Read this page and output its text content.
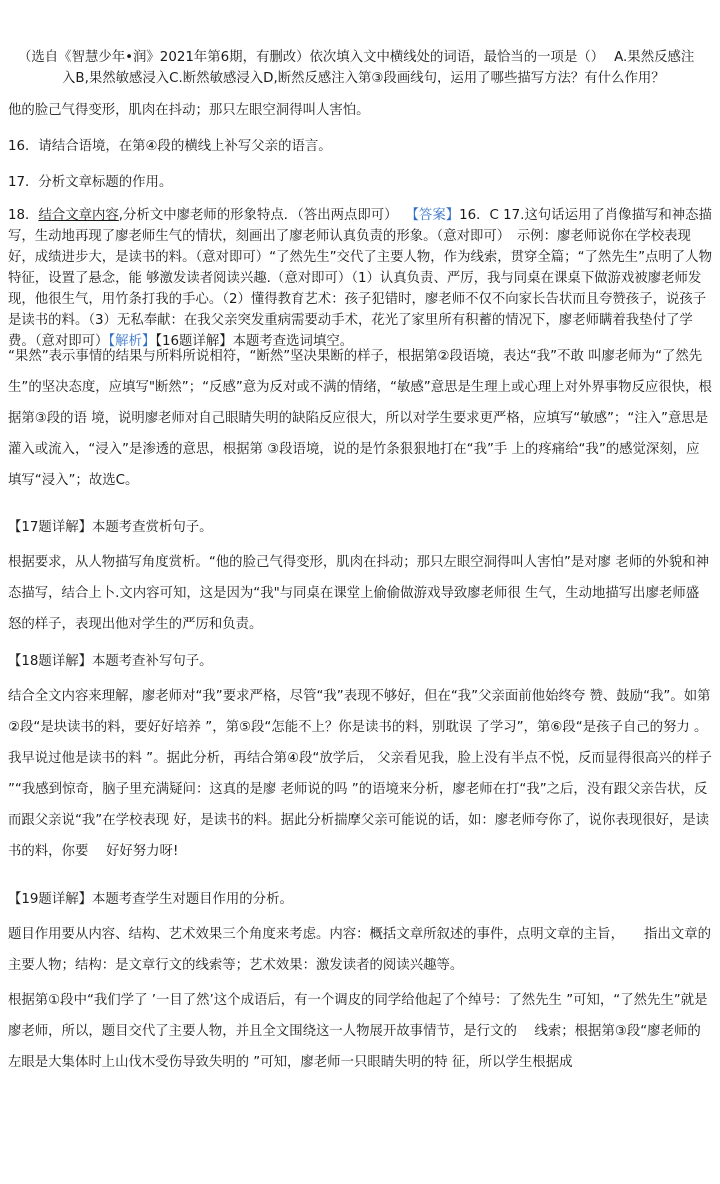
（选自《智慧少年•润》2021年第6期，有删改）依次填入文中横线处的词语，最恰当的一项是（） A.果然反感注
入B,果然敏感浸入C.断然敏感浸入D,断然反感注入第③段画线句，运用了哪些描写方法？有什么作用？

他的脸己气得变形，肌肉在抖动；那只左眼空洞得叫人害怕。

16．请结合语境，在第④段的横线上补写父亲的语言。

17．分析文章标题的作用。

18．结合文章内容,分析文中廖老师的形象特点．（答出两点即可） 【答案】16．C 17.这句话运用了肖像描写和神态描写，生动地再现了廖老师生气的情状，刻画出了廖老师认真负责的形象。（意对即可）　示例：廖老师说你在学校表现好，成绩进步大，是读书的料。（意对即可）“了然先生”交代了主要人物，作为线索，贯穿全篇；“了然先生”点明了人物特征，设置了悬念，能 够激发读者阅读兴趣.（意对即可）（1）认真负责、严厉，我与同桌在课桌下做游戏被廖老师发现，他很生气，用竹条打我的手心。（2）懂得教育艺术：孩子犯错时，廖老师不仅不向家长告状而且夸赞孩子，说孩子是读书的料。（3）无私奉献：在我父亲突发重病需要动手术，花光了家里所有积蓄的情况下，廖老师瞒着我垫付了学费。（意对即可）【解析】【16题详解】本题考查选词填空。

“果然”表示事情的结果与所料所说相符，“断然”坚决果断的样子，根据第②段语境，表达“我”不敢 叫廖老师为“了然先生”的坚决态度，应填写"断然”；“反感”意为反对或不满的情绪，“敏感”意思是生理上或心理上对外界事物反应很快，根据第③段的语 境，说明廖老师对自己眼睛失明的缺陷反应很大，所以对学生要求更严格，应填写“敏感”；“注入”意思是灌入或流入，“浸入”是渗透的意思，根据第 ③段语境，说的是竹条狠狠地打在“我”手 上的疼痛给“我”的感觉深刻，应填写“浸入”；故选C。

【17题详解】本题考查赏析句子。

根据要求，从人物描写角度赏析。“他的脸己气得变形，肌肉在抖动；那只左眼空洞得叫人害怕”是对廖 老师的外貌和神态描写，结合上卜.文内容可知，这是因为“我"与同桌在课堂上偷偷做游戏导致廖老师很 生气，生动地描写出廖老师盛怒的样子，表现出他对学生的严厉和负责。

【18题详解】本题考查补写句子。

结合全文内容来理解，廖老师对“我”要求严格，尽管“我”表现不够好，但在“我”父亲面前他始终夸 赞、鼓励“我”。如第②段“是块读书的料，要好好培养 ”，第⑤段“怎能不上？你是读书的料，别耽误 了学习”，第⑥段“是孩子自己的努力 。我早说过他是读书的料 ”。据此分析，再结合第④段“放学后， 父亲看见我，脸上没有半点不悦，反而显得很高兴的样子 ”“我感到惊奇，脑子里充满疑问：这真的是廖 老师说的吗 ”的语境来分析，廖老师在打“我”之后，没有跟父亲告状，反而跟父亲说“我”在学校表现 好，是读书的料。据此分析揣摩父亲可能说的话，如：廖老师夸你了，说你表现很好，是读书的料，你要　 好好努力呀!

【19题详解】本题考查学生对题目作用的分析。

题目作用要从内容、结构、艺术效果三个角度来考虑。内容：概括文章所叙述的事件，点明文章的主旨，　　指出文章的主要人物；结构：是文章行文的线索等；艺术效果：激发读者的阅读兴趣等。

根据第①段中“我们学了 ’一目了然’这个成语后，有一个调皮的同学给他起了个绰号：了然先生 ”可知，“了然先生”就是廖老师，所以，题目交代了主要人物，并且全文围绕这一人物展开故事情节，是行文的　 线索；根据第③段“廖老师的左眼是大集体时上山伐木受伤导致失明的 ”可知，廖老师一只眼睛失明的特 征，所以学生根据成
